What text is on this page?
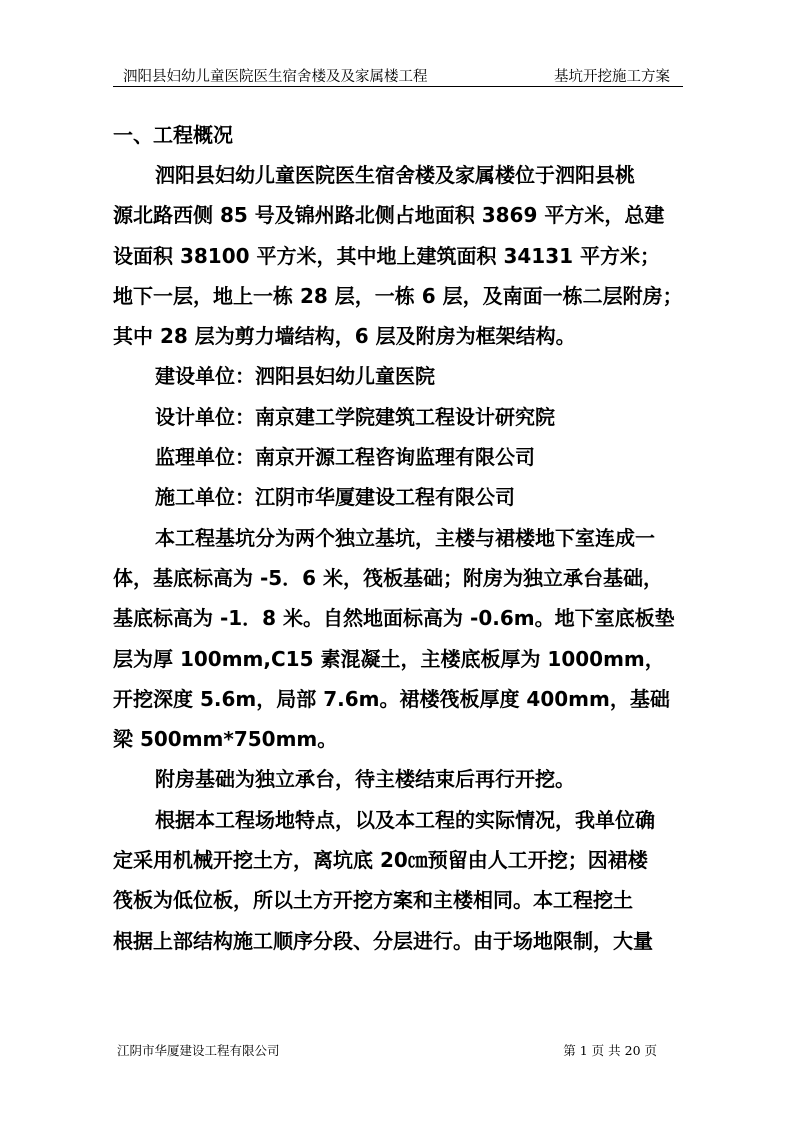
泗阳县妇幼儿童医院医生宿舍楼及及家属楼工程	基坑开挖施工方案

一、工程概况

泗阳县妇幼儿童医院医生宿舍楼及家属楼位于泗阳县桃

源北路西侧 85 号及锦州路北侧占地面积 3869 平方米，总建

设面积 38100 平方米，其中地上建筑面积 34131 平方米；

地下一层，地上一栋 28 层，一栋 6 层，及南面一栋二层附房；

其中 28 层为剪力墙结构，6 层及附房为框架结构。

建设单位：泗阳县妇幼儿童医院

设计单位：南京建工学院建筑工程设计研究院

监理单位：南京开源工程咨询监理有限公司

施工单位：江阴市华厦建设工程有限公司

本工程基坑分为两个独立基坑，主楼与裙楼地下室连成一

体，基底标高为 -5．6 米，筏板基础；附房为独立承台基础，

基底标高为 -1．8 米。自然地面标高为 -0.6m。地下室底板垫

层为厚 100mm,C15 素混凝土，主楼底板厚为 1000mm，

开挖深度 5.6m，局部 7.6m。裙楼筏板厚度 400mm，基础

梁 500mm*750mm。

附房基础为独立承台，待主楼结束后再行开挖。

根据本工程场地特点，以及本工程的实际情况，我单位确

定采用机械开挖土方，离坑底 20㎝预留由人工开挖；因裙楼

筏板为低位板，所以土方开挖方案和主楼相同。本工程挖土

根据上部结构施工顺序分段、分层进行。由于场地限制，大量

江阴市华厦建设工程有限公司	第 1 页 共 20 页
